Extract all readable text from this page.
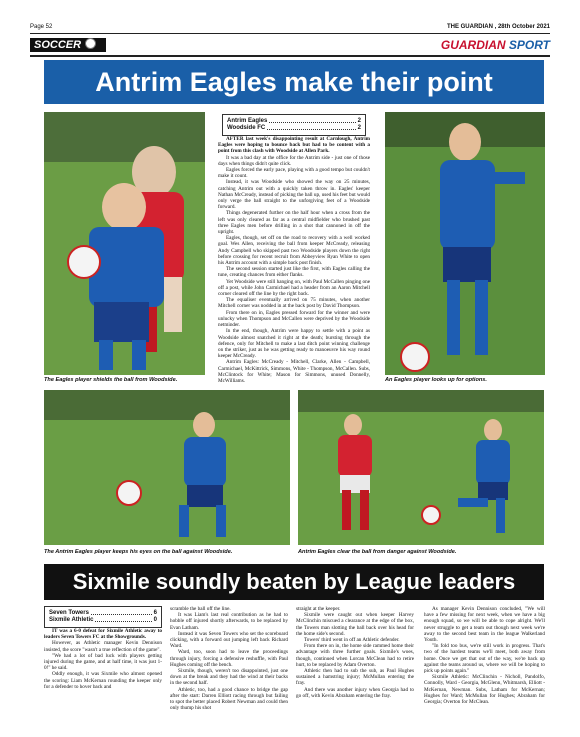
Page 52	THE GUARDIAN , 28th October 2021
SOCCER	GUARDIAN SPORT
Antrim Eagles make their point
The Eagles player shields the ball from Woodside.
Antrim Eagles	2
Woodside FC	2

AFTER last week's disappointing result at Carnlough, Antrim Eagles were hoping to bounce back but had to be content with a point from this clash with Woodside at Allen Park.

It was a bad day at the office for the Antrim side - just one of those days when things didn't quite click.

Eagles forced the early pace, playing with a good tempo but couldn't make it count.

Instead, it was Woodside who showed the way on 25 minutes, catching Antrim out with a quickly taken throw in. Eagles' keeper Nathan McCready, instead of picking the ball up, used his feet but would only verge the ball straight to the unforgiving feet of a Woodside forward.

Things degenerated further on the half hour when a cross from the left was only cleared as far as a central midfielder who brushed past three Eagles men before drilling in a shot that cannoned in off the upright.

Eagles, though, set off on the road to recovery with a well worked goal. Wes Allen, receiving the ball from keeper McCready, releasing Andy Campbell who skipped past two Woodside players down the right before crossing for recent recruit from Abbeyview Ryan White to open his Antrim account with a simple back post finish.

The second session started just like the first, with Eagles calling the tune, creating chances from either flanks.

Yet Woodside were still hanging on, with Paul McCallen pinging one off a post, while John Carmichael had a header from an Aaron Mitchell corner cleared off the line by the right back.

The equaliser eventually arrived on 75 minutes, when another Mitchell corner was nodded in at the back post by David Thompson.

From there on in, Eagles pressed forward for the winner and were unlucky when Thompson and McCallen were deprived by the Woodside netminder.

In the end, though, Antrim were happy to settle with a point as Woodside almost snatched it right at the death; bursting through the defence, only for Mitchell to make a last ditch point winning challenge on the striker, just as he was getting ready to manoeuvre his way round keeper McCready.

Antrim Eagles: McCready - Mitchell, Clarke, Allen - Campbell, Carmichael, McKittrick, Simmons, White - Thompson, McCallen. Subs, McClintock for White; Mason for Simmons, unused Donnelly, McWilliams.	An Eagles player looks up for options.
The Antrim Eagles player keeps his eyes on the ball against Woodside.	Antrim Eagles clear the ball from danger against Woodside.
Sixmile soundly beaten by League leaders
Seven Towers	6
Sixmile Athletic	0

IT was a 6-0 defeat for Sixmile Athletic away to leaders Seven Towers FC at the Showgrounds.

However, as Athletic manager Kevin Dennison insisted, the score "wasn't a true reflection of the game".

"We had a lot of bad luck with players getting injured during the game, and at half time, it was just 1-0!" he said.

Oddly enough, it was Sixmile who almost opened the scoring: Liam McKernan rounding the keeper only for a defender to hover back and

scramble the ball off the line.

It was Liam's last real contribution as he had to hobble off injured shortly afterwards, to be replaced by Evan Latham.

Instead it was Seven Towers who set the scoreboard clicking, with a forward out jumping left back Richard Ward.

Ward, too, soon had to leave the proceedings through injury, forcing a defensive reshuffle, with Paul Hughes coming off the bench.

Sixmile, though, weren't too disappointed, just one down at the break and they had the wind at their backs in the second half.

Athletic, too, had a good chance to bridge the gap after the start: Darren Elliott racing through but failing to spot the better placed Robert Newman and could then only thump his shot

straight at the keeper.

Sixmile were caught out when keeper Harvey McClinchin miscued a clearance at the edge of the box, the Towers man slotting the ball back over his head for the home side's second.

Towers' third went in off an Athletic defender.

From there on in, the home side rammed home their advantage with three further goals. Sixmile's woes, though, continued when Lorcan McClean had to retire hurt, to be replaced by Adam Overton.

Athletic then had to sub the sub, as Paul Hughes sustained a hamstring injury; McMullan entering the fray.

And there was another injury when Georgia had to go off, with Kevin Abraham entering the fray.

As manager Kevin Dennison concluded, "We will have a few missing for next week, when we have a big enough squad, so we will be able to cope alright. We'll never struggle to get a team out though next week we're away to the second best team in the league Walkerland Youth.

"In fold too bus, we're still work in progress. That's two of the hardest teams we'll meet, both away from home. Once we get that out of the way, we're back up against the teams around us, where we will be hoping to pick up points again."

Sixmile Athletic: McClinchin - Nicholl, Pandolfo, Connolly, Ward - Georgia, McGlenn, Whitmarsh, Elliott - McKernan, Newman. Subs, Latham for McKernan; Hughes for Ward; McMullan for Hughes; Abraham for Georgia; Overton for McClean.
